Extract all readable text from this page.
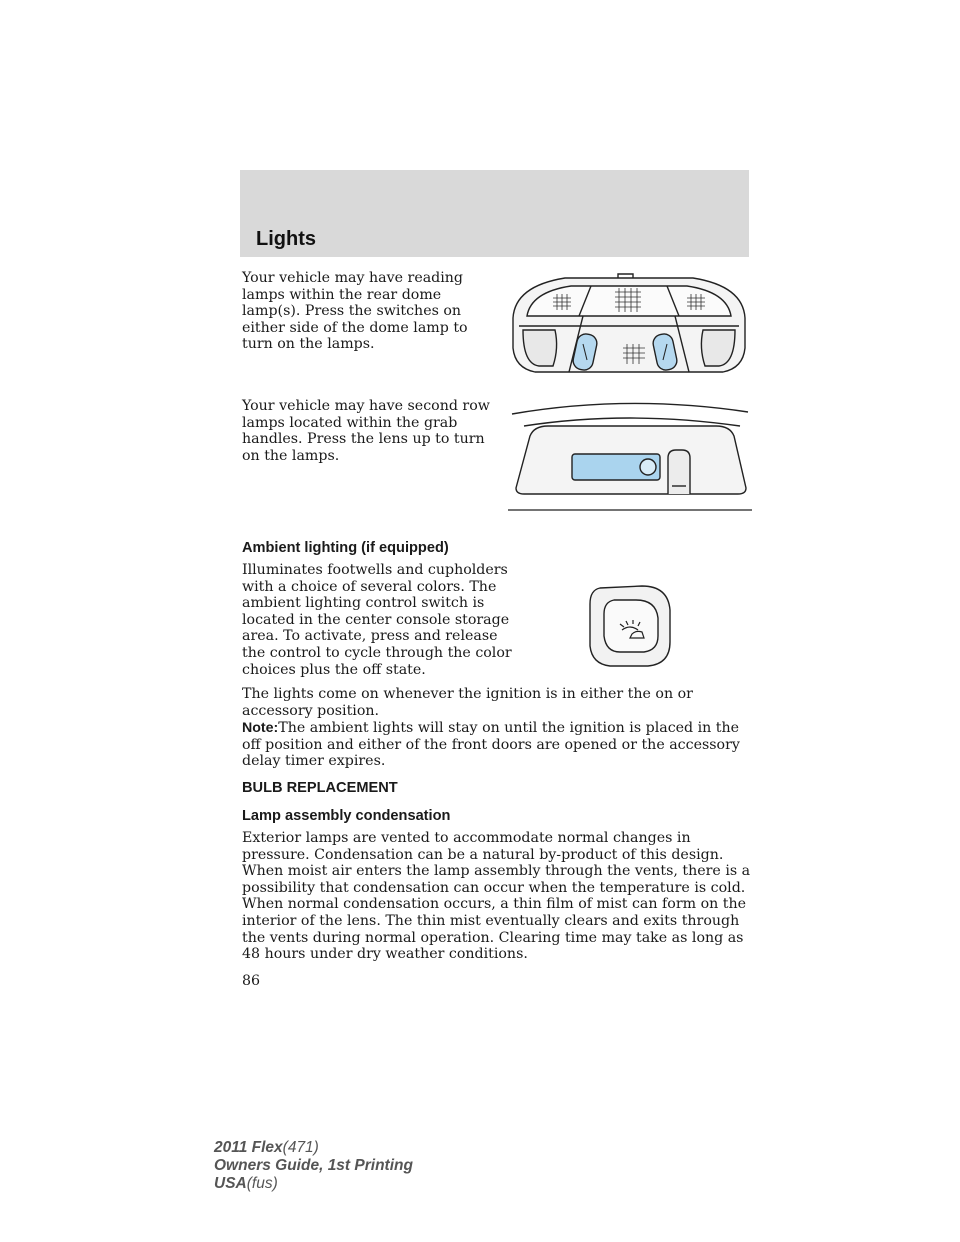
Lights

Your vehicle may have reading lamps within the rear dome lamp(s). Press the switches on either side of the dome lamp to turn on the lamps.

Your vehicle may have second row lamps located within the grab handles. Press the lens up to turn on the lamps.

Ambient lighting (if equipped)

Illuminates footwells and cupholders with a choice of several colors. The ambient lighting control switch is located in the center console storage area. To activate, press and release the control to cycle through the color choices plus the off state.

The lights come on whenever the ignition is in either the on or accessory position.

Note:The ambient lights will stay on until the ignition is placed in the off position and either of the front doors are opened or the accessory delay timer expires.

BULB REPLACEMENT
Lamp assembly condensation

Exterior lamps are vented to accommodate normal changes in pressure. Condensation can be a natural by-product of this design. When moist air enters the lamp assembly through the vents, there is a possibility that condensation can occur when the temperature is cold. When normal condensation occurs, a thin film of mist can form on the interior of the lens. The thin mist eventually clears and exits through the vents during normal operation. Clearing time may take as long as 48 hours under dry weather conditions.

86
2011 Flex(471)
Owners Guide, 1st Printing
USA(fus)
